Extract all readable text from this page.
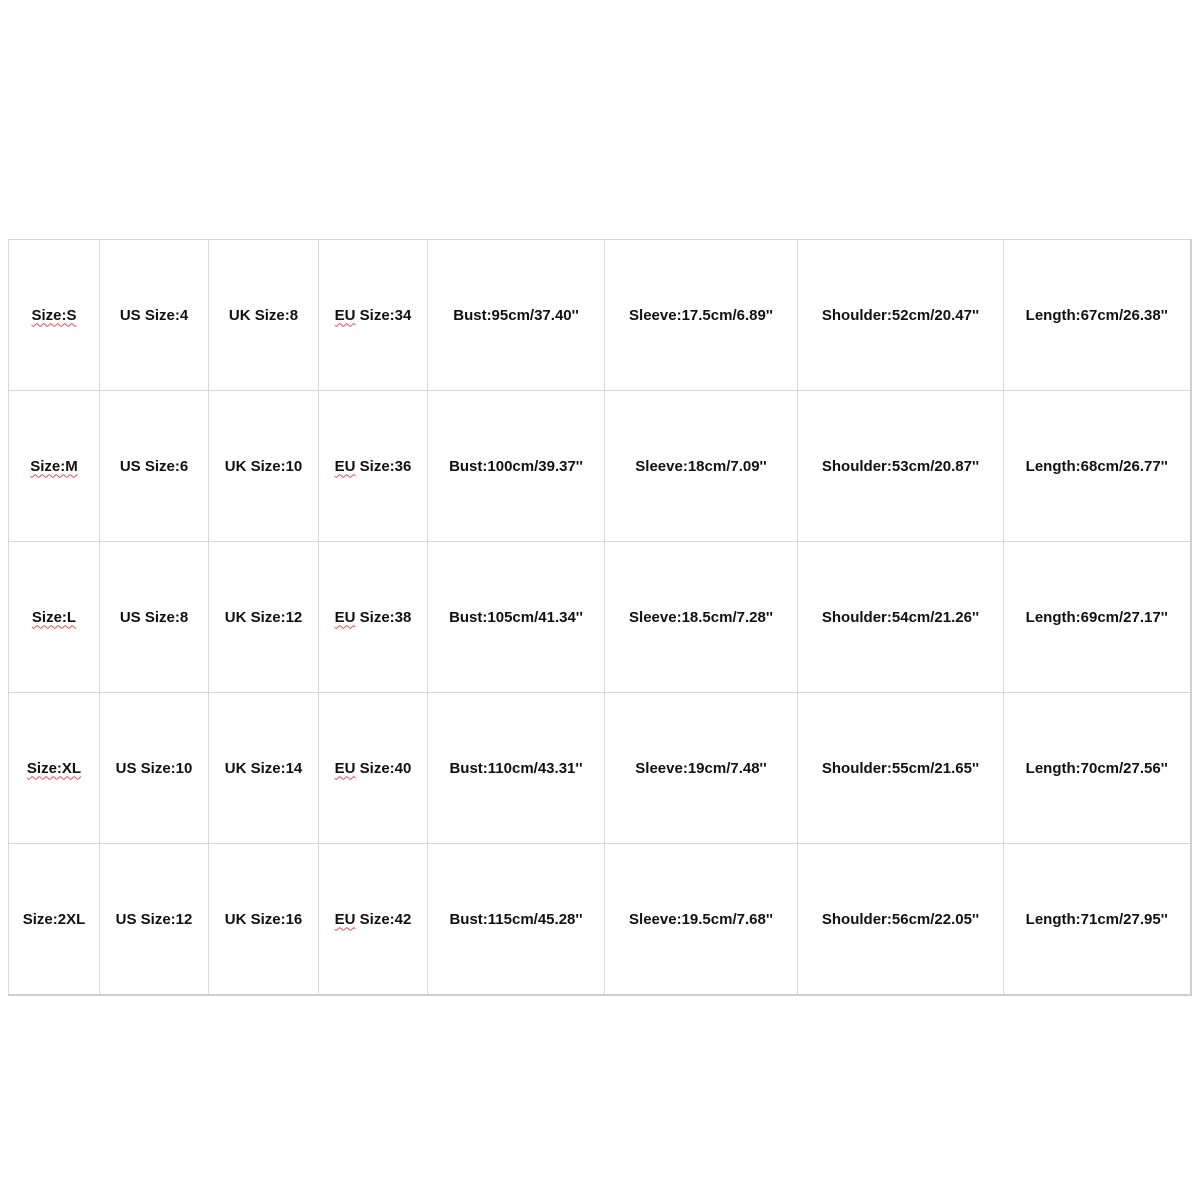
Size:S	US Size:4	UK Size:8	EU Size:34	Bust:95cm/37.40''	Sleeve:17.5cm/6.89''	Shoulder:52cm/20.47''	Length:67cm/26.38''
Size:M	US Size:6	UK Size:10	EU Size:36	Bust:100cm/39.37''	Sleeve:18cm/7.09''	Shoulder:53cm/20.87''	Length:68cm/26.77''
Size:L	US Size:8	UK Size:12	EU Size:38	Bust:105cm/41.34''	Sleeve:18.5cm/7.28''	Shoulder:54cm/21.26''	Length:69cm/27.17''
Size:XL	US Size:10	UK Size:14	EU Size:40	Bust:110cm/43.31''	Sleeve:19cm/7.48''	Shoulder:55cm/21.65''	Length:70cm/27.56''
Size:2XL	US Size:12	UK Size:16	EU Size:42	Bust:115cm/45.28''	Sleeve:19.5cm/7.68''	Shoulder:56cm/22.05''	Length:71cm/27.95''
